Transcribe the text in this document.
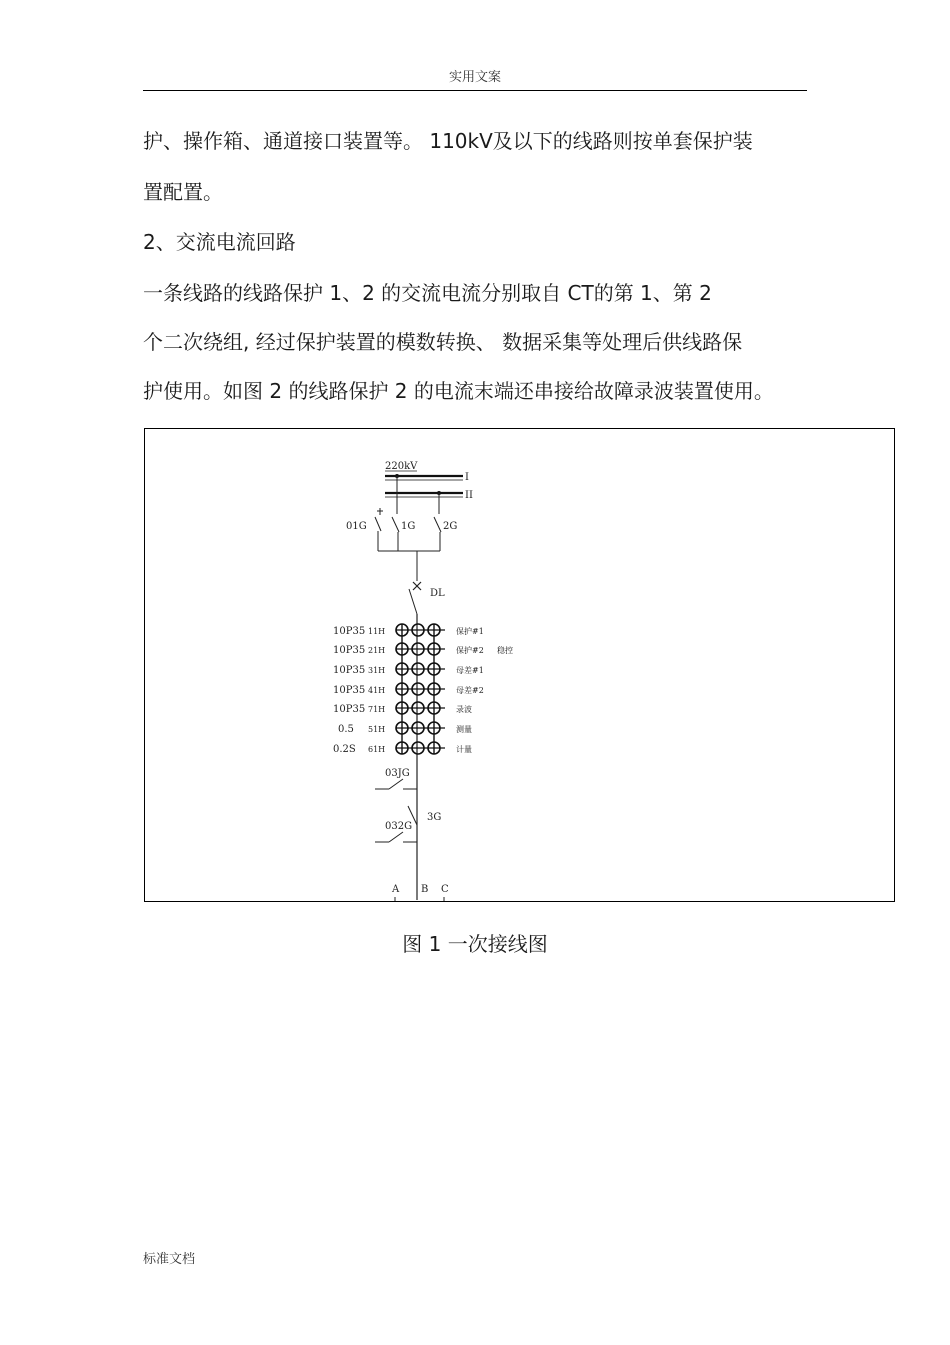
实用文案
护、操作箱、通道接口装置等。 110kV及以下的线路则按单套保护装
置配置。
2、交流电流回路
一条线路的线路保护 1、2 的交流电流分别取自 CT的第 1、第 2
个二次绕组, 经过保护装置的模数转换、 数据采集等处理后供线路保
护使用。如图 2 的线路保护 2 的电流末端还串接给故障录波装置使用。
220kV
I
II
01G	1G	2G
DL
10P35 11H	保护#1
10P35 21H	保护#2 稳控
10P35 31H	母差#1
10P35 41H	母差#2
10P35 71H	录波
0.5 51H	测量
0.2S 61H	计量
03JG
3G
032G
A B C
图 1 一次接线图
标准文档
